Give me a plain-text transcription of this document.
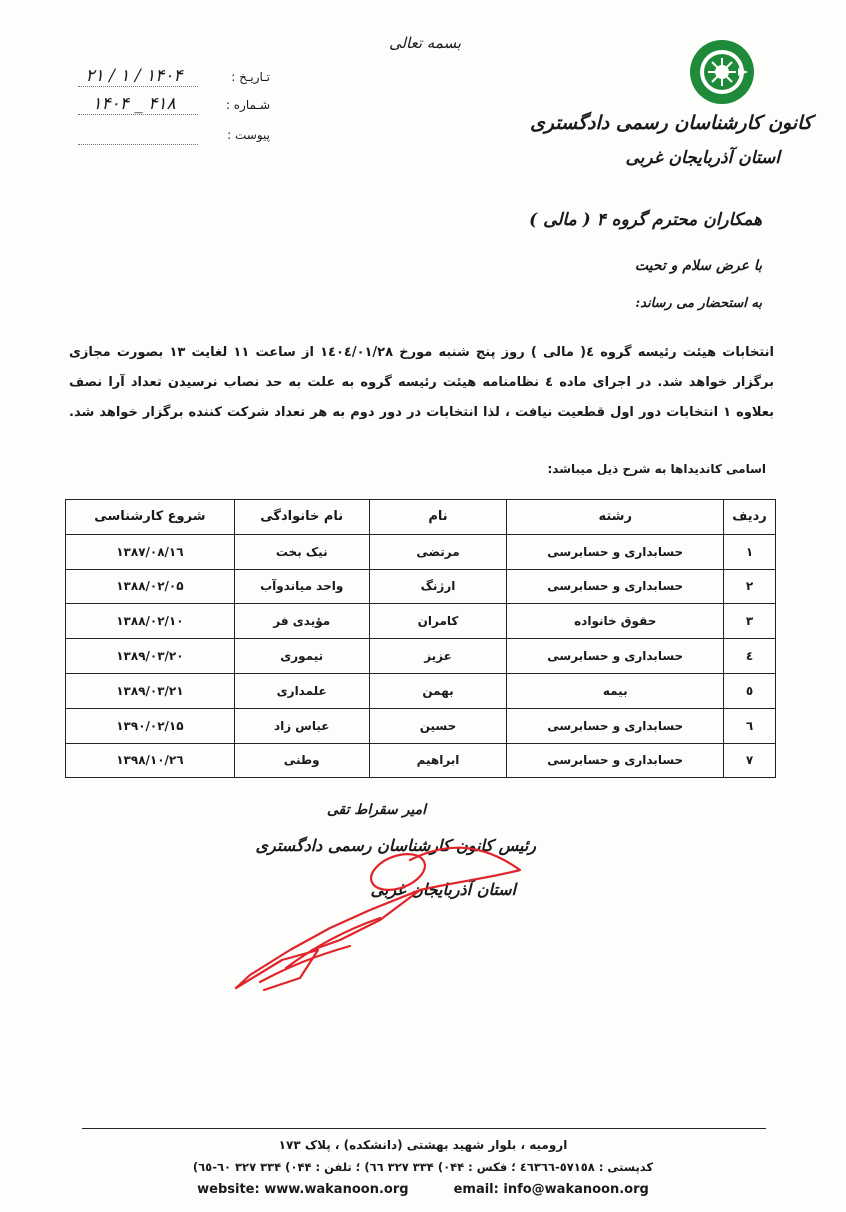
بسمه تعالی
کانون کارشناسان رسمی دادگستری
استان آذربایجان غربی
تـاریـخ :
۱۴۰۴ / ۱ / ۲۱
شـماره :
۴۱۸ _ ۱۴۰۴
پیوست :
همکاران محترم گروه ۴ ( مالی )
با عرض سلام و تحیت
به استحضار می رساند:
انتخابات هیئت رئیسه گروه ٤( مالی ) روز پنج شنبه مورخ ۱٤۰٤/۰۱/۲۸ از ساعت ۱۱ لغایت ۱۳ بصورت مجازی
برگزار خواهد شد. در اجرای ماده ٤ نظامنامه هیئت رئیسه گروه به علت به حد نصاب نرسیدن تعداد آرا نصف
بعلاوه ۱ انتخابات دور اول قطعیت نیافت ، لذا انتخابات در دور دوم به هر تعداد شرکت کننده برگزار خواهد شد.
اسامی کاندیداها به شرح ذیل میباشد:
ردیف	رشته	نام	نام خانوادگی	شروع کارشناسی
۱	حسابداری و حسابرسی	مرتضی	نیک بخت	۱۳۸۷/۰۸/۱٦
۲	حسابداری و حسابرسی	ارژنگ	واحد میاندوآب	۱۳۸۸/۰۲/۰۵
۳	حقوق خانواده	کامران	مؤیدی فر	۱۳۸۸/۰۲/۱۰
٤	حسابداری و حسابرسی	عزیز	تیموری	۱۳۸۹/۰۳/۲۰
٥	بیمه	بهمن	علمداری	۱۳۸۹/۰۳/۲۱
٦	حسابداری و حسابرسی	حسین	عباس زاد	۱۳۹۰/۰۲/۱۵
۷	حسابداری و حسابرسی	ابراهیم	وطنی	۱۳۹۸/۱۰/۲٦
امیر سقراط تقی
رئیس کانون کارشناسان رسمی دادگستری
استان آذربایجان غربی
ارومیه ، بلوار شهید بهشتی (دانشکده) ، پلاک ۱۷۳
کدپستی : ٥۷۱٥۸-٤٦۳٦٦ ؛ فکس : ۰۴۴) ۳۳۴ ۳۲۷ ٦٦) ؛ تلفن : ۰۴۴) ۳۳۴ ۳۲۷ ٦۰-٦٥)
website: www.wakanoon.org	email: info@wakanoon.org
